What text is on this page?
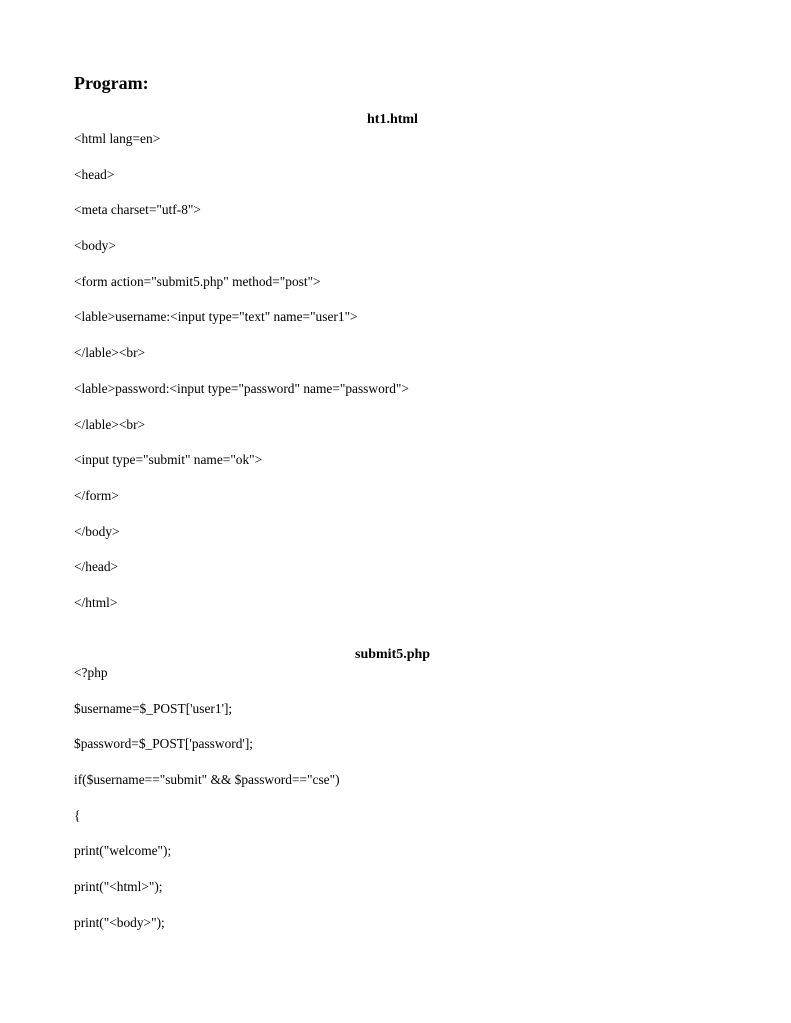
Program:
ht1.html
<html lang=en>
<head>
<meta charset="utf-8">
<body>
<form action="submit5.php" method="post">
<lable>username:<input type="text" name="user1">
</lable><br>
<lable>password:<input type="password" name="password">
</lable><br>
<input type="submit" name="ok">
</form>
</body>
</head>
</html>
submit5.php
<?php
$username=$_POST['user1'];
$password=$_POST['password'];
if($username=="submit" && $password=="cse")
{
print("welcome");
print("<html>");
print("<body>");
